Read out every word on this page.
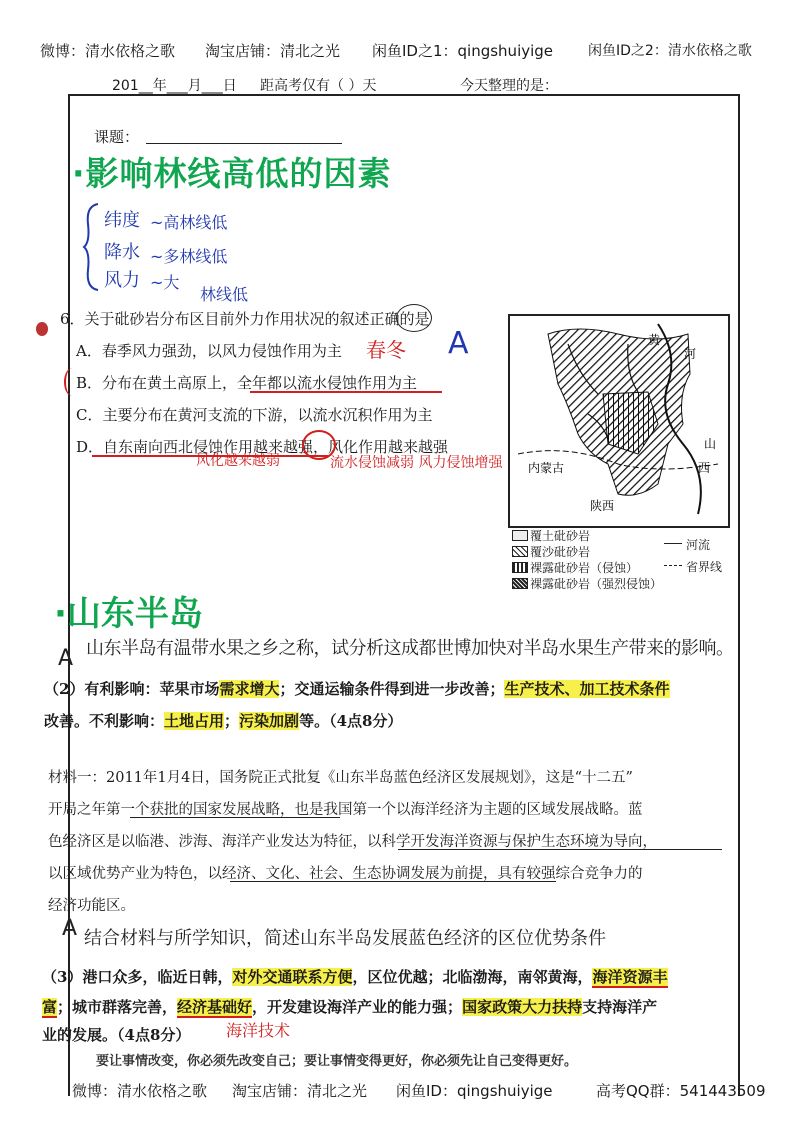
微博：清水依格之歌 淘宝店铺：清北之光 闲鱼ID之1：qingshuiyige 闲鱼ID之2：清水依格之歌
201__年___月___日 距高考仅有（ ）天	今天整理的是：
课题：
·影响林线高低的因素
纬度 ~高林线低
降水 ~多林线低
风力 ~大
林线低
6．关于砒砂岩分布区目前外力作用状况的叙述正确的是
A．春季风力强劲，以风力侵蚀作用为主 春冬 A
B．分布在黄土高原上，全年都以流水侵蚀作用为主
C．主要分布在黄河支流的下游，以流水沉积作用为主
D．自东南向西北侵蚀作用越来越强，风化作用越来越强
风化越来越弱	流水侵蚀减弱 风力侵蚀增强
黄
河
山
西
内蒙古
陕西
覆土砒砂岩
覆沙砒砂岩
裸露砒砂岩（侵蚀）
裸露砒砂岩（强烈侵蚀）
河流
省界线
·山东半岛
山东半岛有温带水果之乡之称，试分析这成都世博加快对半岛水果生产带来的影响。
A
（2）有利影响：苹果市场需求增大；交通运输条件得到进一步改善；生产技术、加工技术条件
改善。不利影响：土地占用；污染加剧等。（4点8分）
材料一：2011年1月4日，国务院正式批复《山东半岛蓝色经济区发展规划》，这是“十二五”
开局之年第一个获批的国家发展战略，也是我国第一个以海洋经济为主题的区域发展战略。蓝
色经济区是以临港、涉海、海洋产业发达为特征，以科学开发海洋资源与保护生态环境为导向，
以区域优势产业为特色，以经济、文化、社会、生态协调发展为前提，具有较强综合竞争力的
经济功能区。
A 结合材料与所学知识，简述山东半岛发展蓝色经济的区位优势条件
（3）港口众多，临近日韩，对外交通联系方便，区位优越；北临渤海，南邻黄海，海洋资源丰
富；城市群落完善，经济基础好，开发建设海洋产业的能力强；国家政策大力扶持支持海洋产
业的发展。（4点8分） 海洋技术
要让事情改变，你必须先改变自己；要让事情变得更好，你必须先让自己变得更好。
微博：清水依格之歌 淘宝店铺：清北之光 闲鱼ID：qingshuiyige	高考QQ群：541443509
